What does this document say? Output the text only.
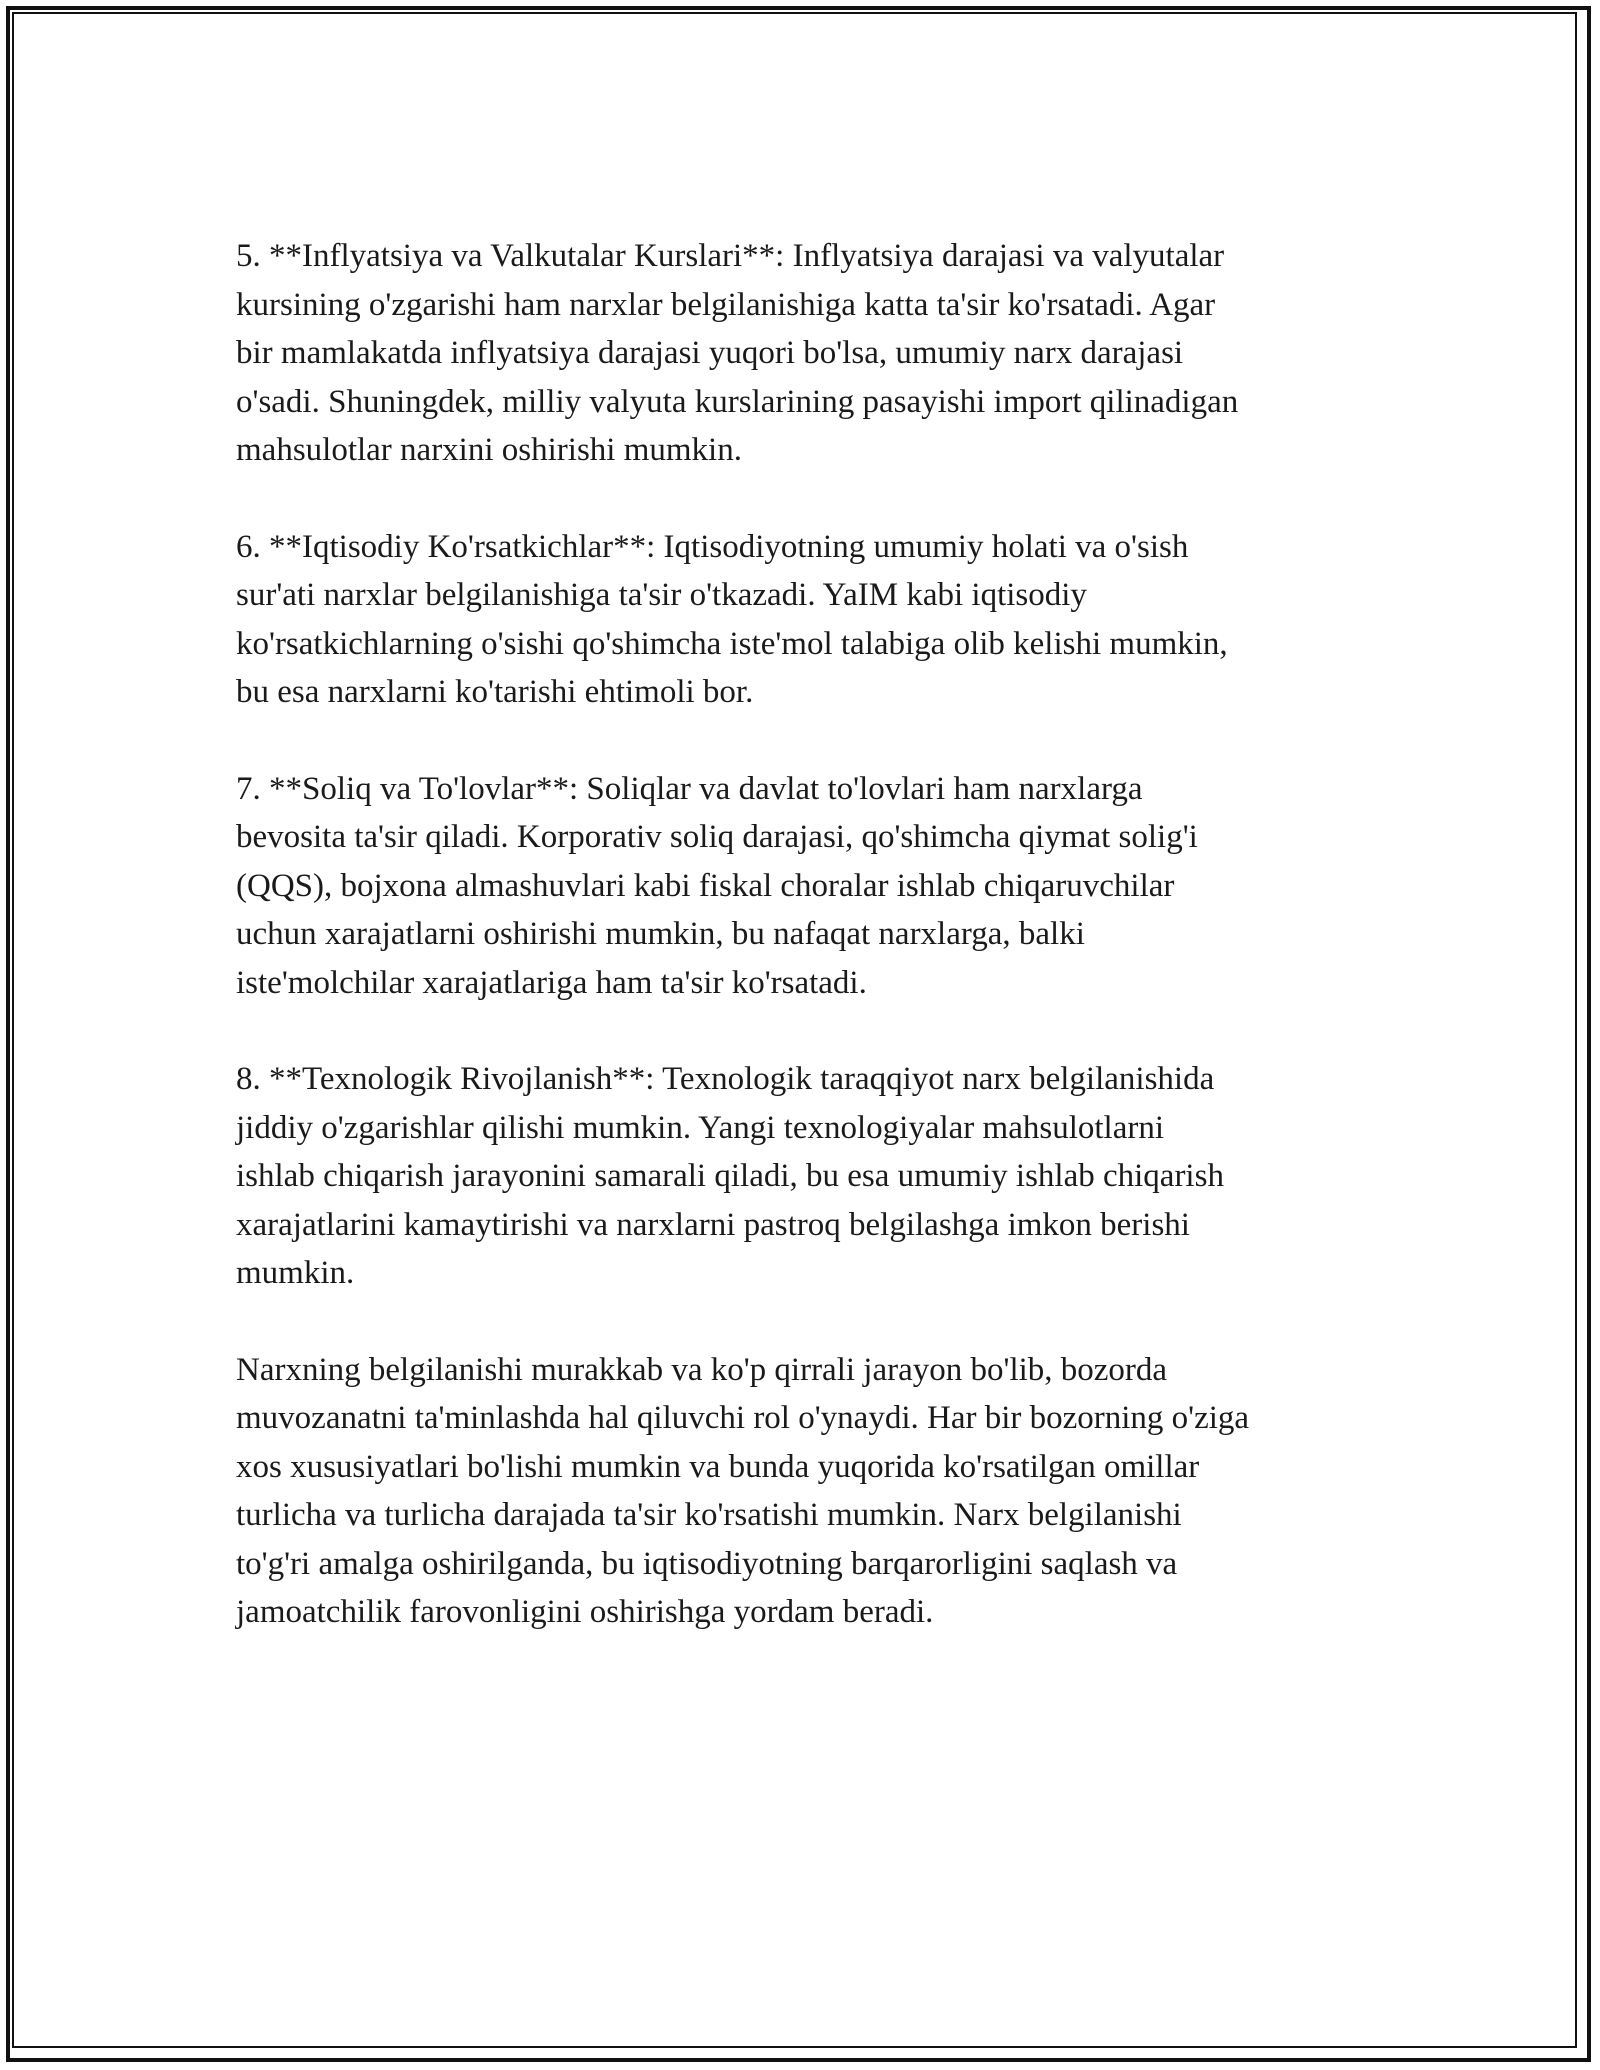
5. **Inflyatsiya va Valkutalar Kurslari**: Inflyatsiya darajasi va valyutalar
kursining o'zgarishi ham narxlar belgilanishiga katta ta'sir ko'rsatadi. Agar
bir mamlakatda inflyatsiya darajasi yuqori bo'lsa, umumiy narx darajasi
o'sadi. Shuningdek, milliy valyuta kurslarining pasayishi import qilinadigan
mahsulotlar narxini oshirishi mumkin.

6. **Iqtisodiy Ko'rsatkichlar**: Iqtisodiyotning umumiy holati va o'sish
sur'ati narxlar belgilanishiga ta'sir o'tkazadi. YaIM kabi iqtisodiy
ko'rsatkichlarning o'sishi qo'shimcha iste'mol talabiga olib kelishi mumkin,
bu esa narxlarni ko'tarishi ehtimoli bor.

7. **Soliq va To'lovlar**: Soliqlar va davlat to'lovlari ham narxlarga
bevosita ta'sir qiladi. Korporativ soliq darajasi, qo'shimcha qiymat solig'i
(QQS), bojxona almashuvlari kabi fiskal choralar ishlab chiqaruvchilar
uchun xarajatlarni oshirishi mumkin, bu nafaqat narxlarga, balki
iste'molchilar xarajatlariga ham ta'sir ko'rsatadi.

8. **Texnologik Rivojlanish**: Texnologik taraqqiyot narx belgilanishida
jiddiy o'zgarishlar qilishi mumkin. Yangi texnologiyalar mahsulotlarni
ishlab chiqarish jarayonini samarali qiladi, bu esa umumiy ishlab chiqarish
xarajatlarini kamaytirishi va narxlarni pastroq belgilashga imkon berishi
mumkin.

Narxning belgilanishi murakkab va ko'p qirrali jarayon bo'lib, bozorda
muvozanatni ta'minlashda hal qiluvchi rol o'ynaydi. Har bir bozorning o'ziga
xos xususiyatlari bo'lishi mumkin va bunda yuqorida ko'rsatilgan omillar
turlicha va turlicha darajada ta'sir ko'rsatishi mumkin. Narx belgilanishi
to'g'ri amalga oshirilganda, bu iqtisodiyotning barqarorligini saqlash va
jamoatchilik farovonligini oshirishga yordam beradi.
